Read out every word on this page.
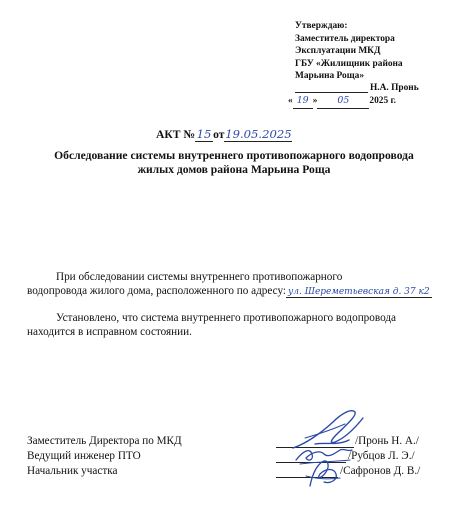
Утверждаю:
Заместитель директора
Эксплуатации МКД
ГБУ «Жилищник района
Марьина Роща»
Н.А. Пронь
« 19 » 05 2025 г.
АКТ № 15 от19.05.2025
Обследование системы внутреннего противопожарного водопровода
жилых домов района Марьина Роща
При обследовании системы внутреннего противопожарного
водопровода жилого дома, расположенного по адресу: ул. Шереметьевская д. 37 к2
Установлено, что система внутреннего противопожарного водопровода
находится в исправном состоянии.
Заместитель Директора по МКД
Ведущий инженер ПТО
Начальник участка
/Пронь Н. А./
/Рубцов Л. Э./
/Сафронов Д. В./
